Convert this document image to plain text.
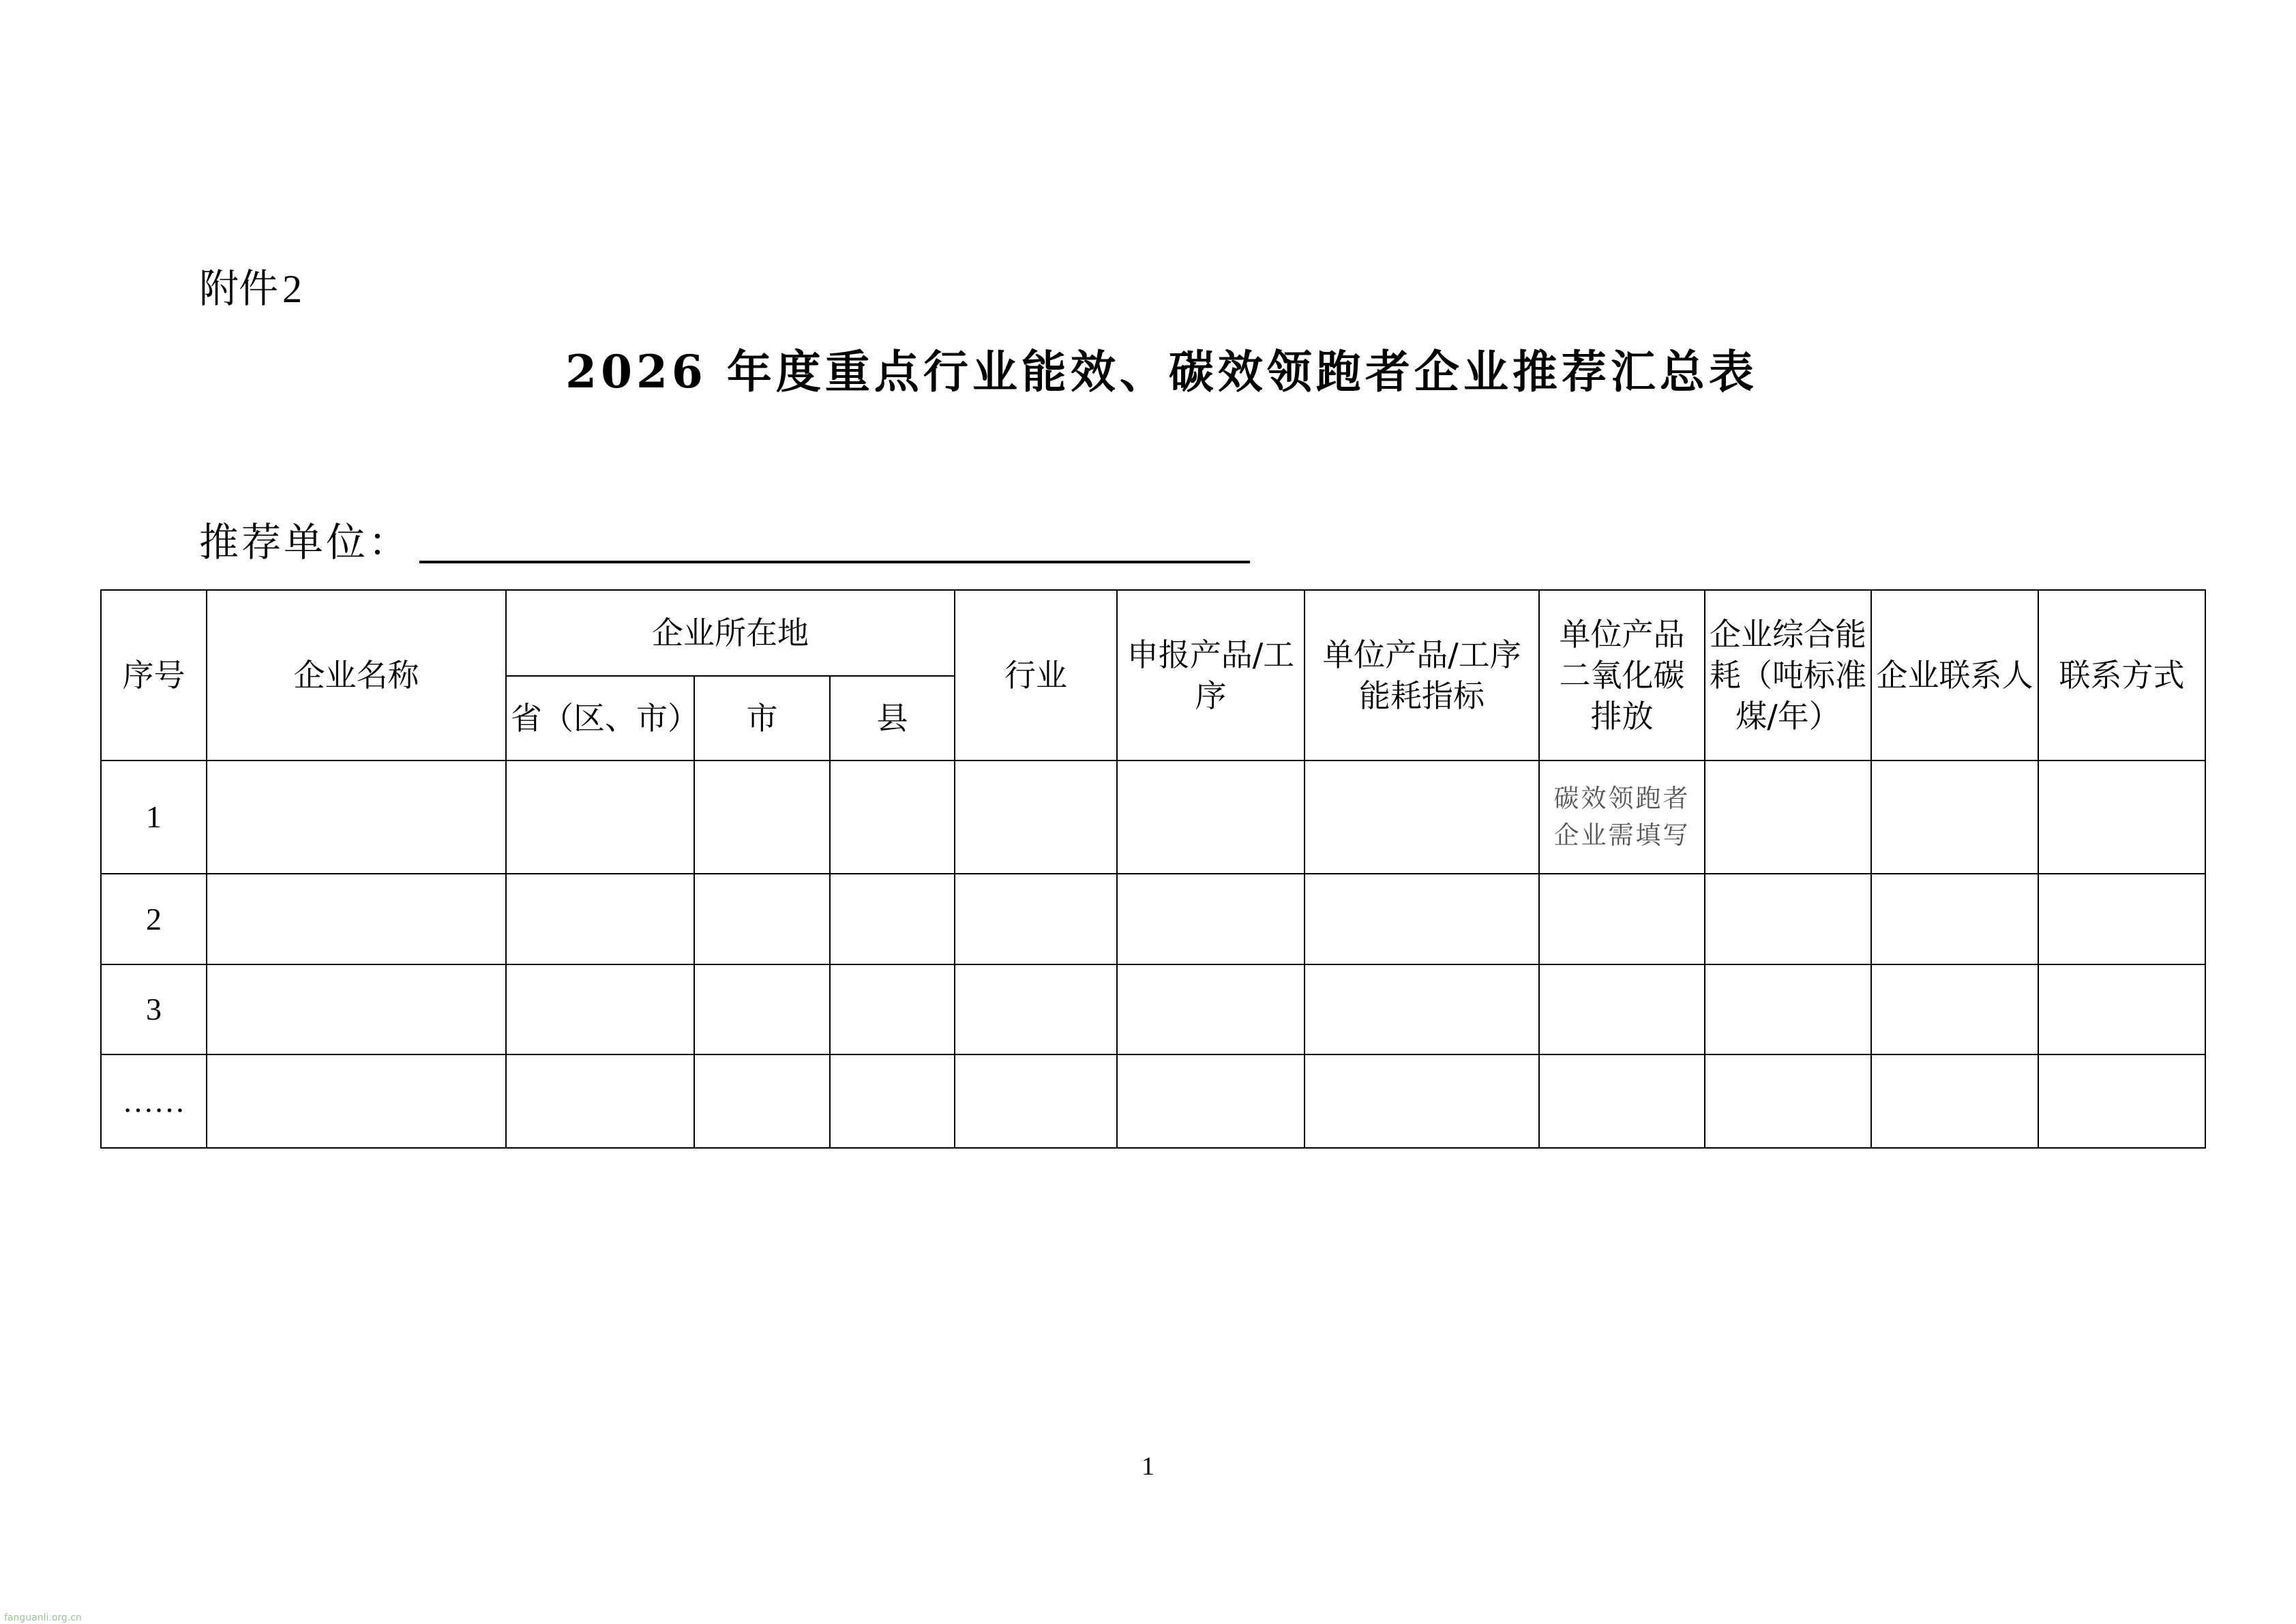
附件 2
2026 年度重点行业能效、碳效领跑者企业推荐汇总表
推荐单位：
序号	企业名称	企业所在地			行业	申报产品/工序	单位产品/工序能耗指标	单位产品二氧化碳排放	企业综合能耗（吨标准煤/年）	企业联系人	联系方式
		省（区、市）	市	县							
1								碳效领跑者企业需填写			
2											
3											
……											
1
fanguanli.org.cn
